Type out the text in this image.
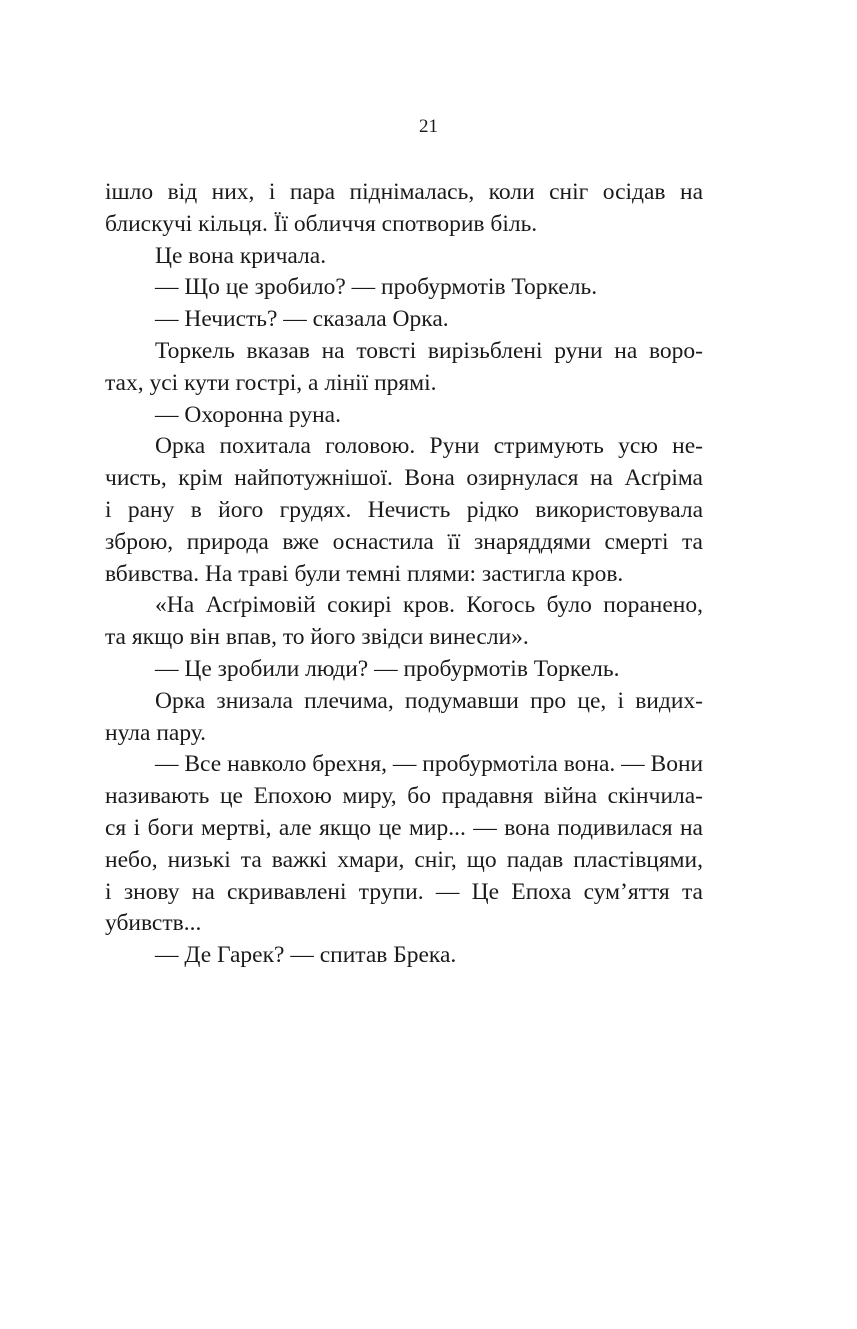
21
ішло від них, і пара піднімалась, коли сніг осідав на
блискучі кільця. Її обличчя спотворив біль.
Це вона кричала.
— Що це зробило? — пробурмотів Торкель.
— Нечисть? — сказала Орка.
Торкель вказав на товсті вирізьблені руни на воро-
тах, усі кути гострі, а лінії прямі.
— Охоронна руна.
Орка похитала головою. Руни стримують усю не-
чисть, крім найпотужнішої. Вона озирнулася на Асґріма
і рану в його грудях. Нечисть рідко використовувала
зброю, природа вже оснастила її знаряддями смерті та
вбивства. На траві були темні плями: застигла кров.
«На Асґрімовій сокирі кров. Когось було поранено,
та якщо він впав, то його звідси винесли».
— Це зробили люди? — пробурмотів Торкель.
Орка знизала плечима, подумавши про це, і видих-
нула пару.
— Все навколо брехня, — пробурмотіла вона. — Вони
називають це Епохою миру, бо прадавня війна скінчила-
ся і боги мертві, але якщо це мир... — вона подивилася на
небо, низькі та важкі хмари, сніг, що падав пластівцями,
і знову на скривавлені трупи. — Це Епоха сум’яття та
убивств...
— Де Гарек? — спитав Брека.
